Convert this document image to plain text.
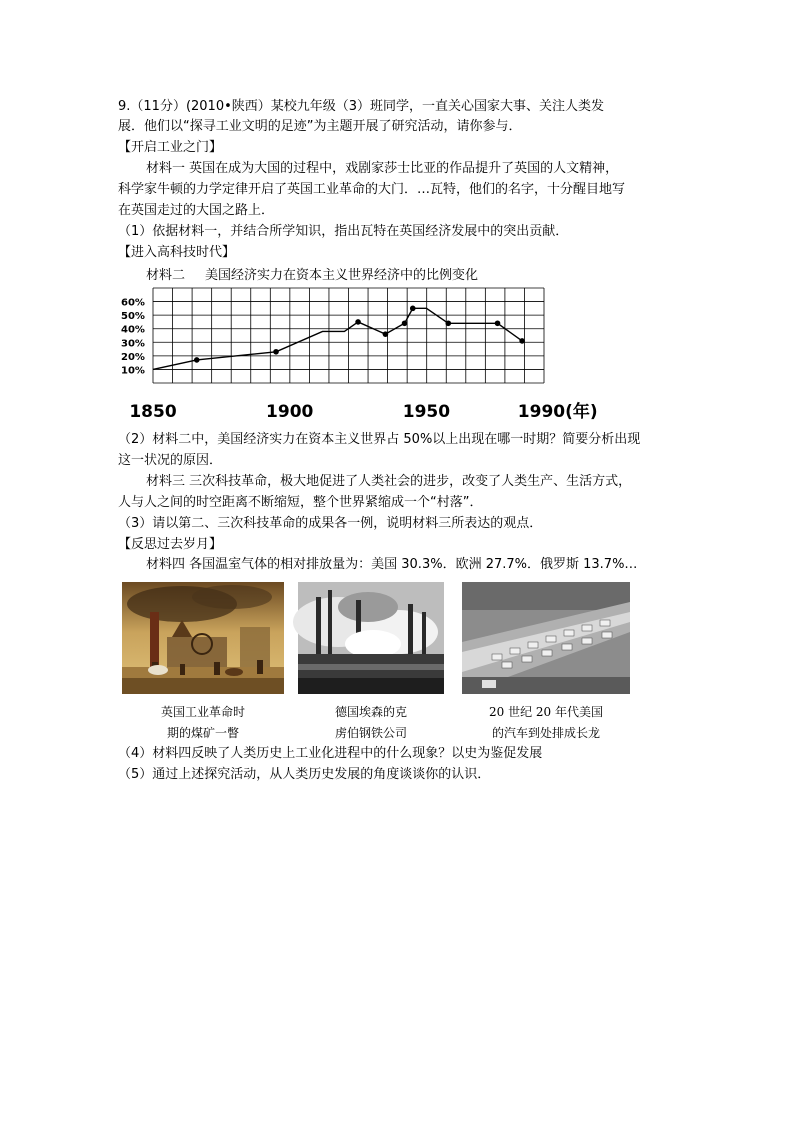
9.（11分）(2010•陕西）某校九年级（3）班同学，一直关心国家大事、关注人类发
展．他们以“探寻工业文明的足迹”为主题开展了研究活动，请你参与．
【开启工业之门】
材料一 英国在成为大国的过程中，戏剧家莎士比亚的作品提升了英国的人文精神，
科学家牛顿的力学定律开启了英国工业革命的大门．…瓦特，他们的名字，十分醒目地写
在英国走过的大国之路上．
（1）依据材料一，并结合所学知识，指出瓦特在英国经济发展中的突出贡献．
【进入高科技时代】
材料二 美国经济实力在资本主义世界经济中的比例变化
60%
50%
40%
30%
20%
10%
1850	1900	1950	1990(年)
（2）材料二中，美国经济实力在资本主义世界占 50%以上出现在哪一时期？简要分析出现
这一状况的原因．
材料三 三次科技革命，极大地促进了人类社会的进步，改变了人类生产、生活方式，
人与人之间的时空距离不断缩短，整个世界紧缩成一个“村落”．
（3）请以第二、三次科技革命的成果各一例，说明材料三所表达的观点．
【反思过去岁月】
材料四 各国温室气体的相对排放量为：美国 30.3%．欧洲 27.7%．俄罗斯 13.7%…
英国工业革命时
期的煤矿一瞥
德国埃森的克
虏伯钢铁公司
20 世纪 20 年代美国
的汽车到处排成长龙
（4）材料四反映了人类历史上工业化进程中的什么现象？以史为鉴促发展
（5）通过上述探究活动，从人类历史发展的角度谈谈你的认识．
